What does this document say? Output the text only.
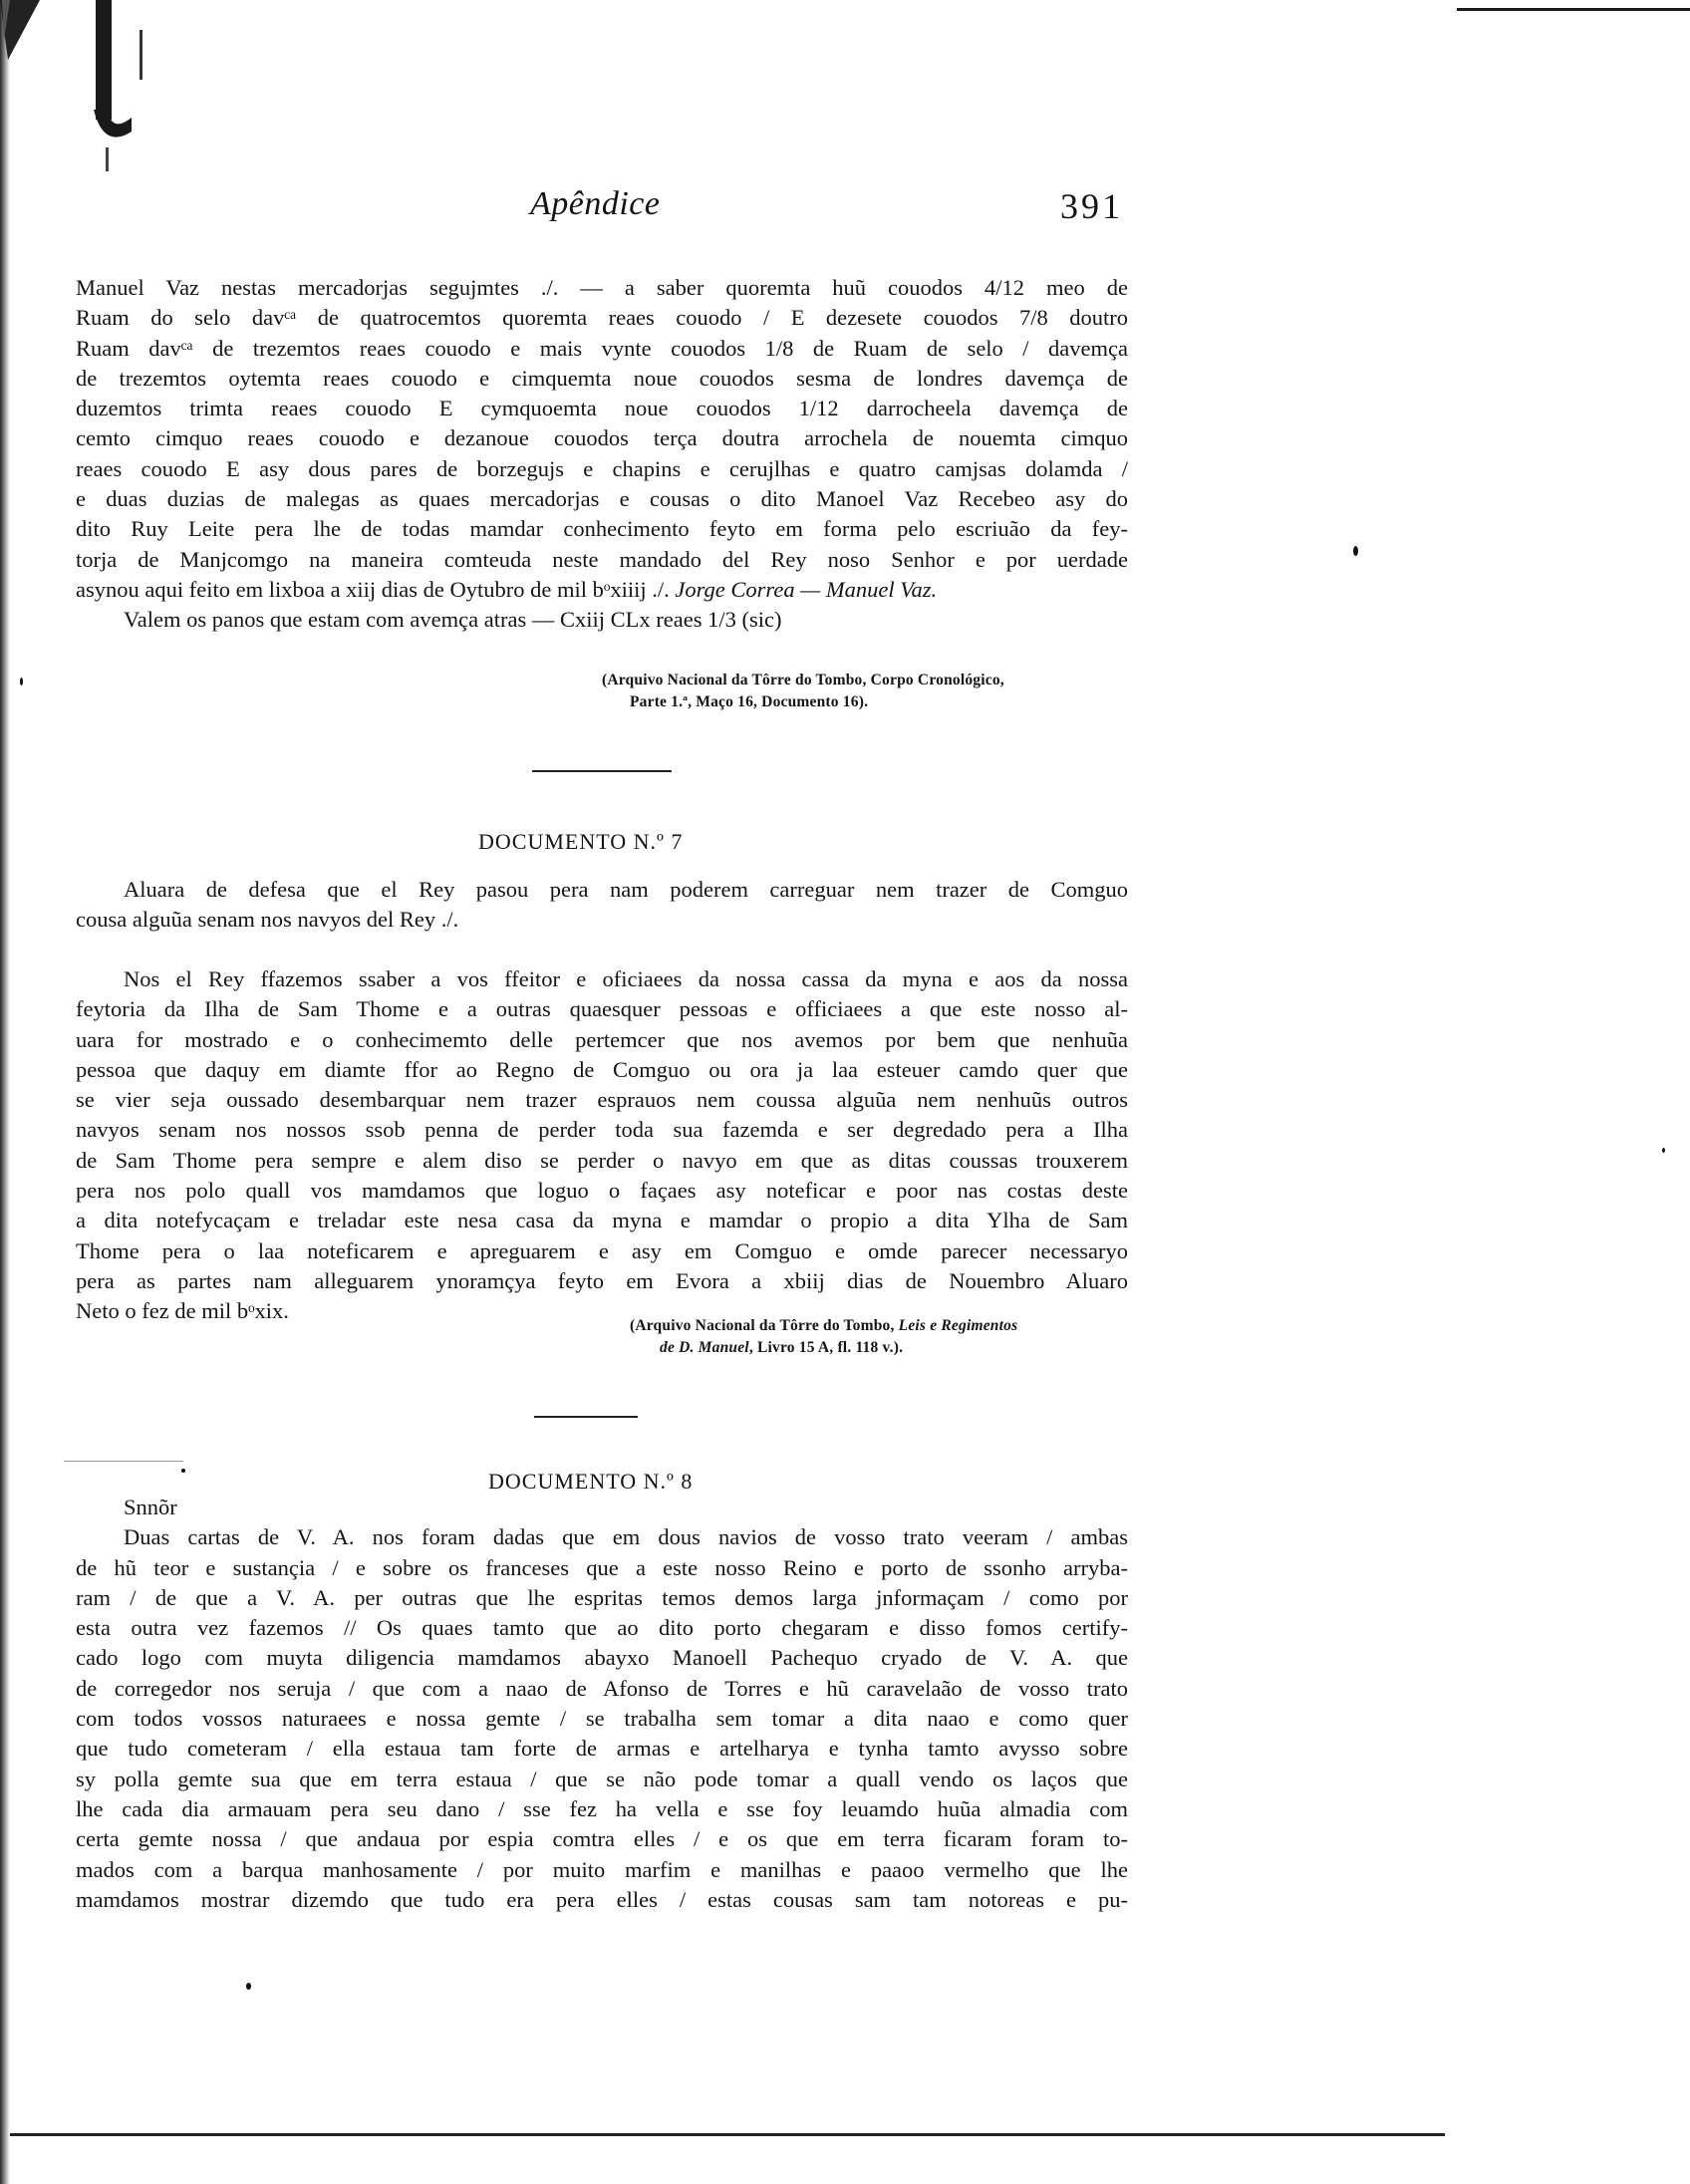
Apêndice	391
Manuel Vaz nestas mercadorjas segujmtes ./. — a saber quoremta huũ couodos 4/12 meo de
Ruam do selo davᶜᵃ de quatrocemtos quoremta reaes couodo / E dezesete couodos 7/8 doutro
Ruam davᶜᵃ de trezemtos reaes couodo e mais vynte couodos 1/8 de Ruam de selo / davemça
de trezemtos oytemta reaes couodo e cimquemta noue couodos sesma de londres davemça de
duzemtos trimta reaes couodo E cymquoemta noue couodos 1/12 darrocheela davemça de
cemto cimquo reaes couodo e dezanoue couodos terça doutra arrochela de nouemta cimquo
reaes couodo E asy dous pares de borzegujs e chapins e cerujlhas e quatro camjsas dolamda /
e duas duzias de malegas as quaes mercadorjas e cousas o dito Manoel Vaz Recebeo asy do
dito Ruy Leite pera lhe de todas mamdar conhecimento feyto em forma pelo escriuão da fey-
torja de Manjcomgo na maneira comteuda neste mandado del Rey noso Senhor e por uerdade
asynou aqui feito em lixboa a xiij dias de Oytubro de mil bᵒxiiij ./. Jorge Correa — Manuel Vaz.
Valem os panos que estam com avemça atras — Cxiij CLx reaes 1/3 (sic)
(Arquivo Nacional da Tôrre do Tombo, Corpo Cronológico,
Parte 1.ª, Maço 16, Documento 16).
DOCUMENTO N.º 7
Aluara de defesa que el Rey pasou pera nam poderem carreguar nem trazer de Comguo
cousa alguũa senam nos navyos del Rey ./.
Nos el Rey ffazemos ssaber a vos ffeitor e oficiaees da nossa cassa da myna e aos da nossa
feytoria da Ilha de Sam Thome e a outras quaesquer pessoas e officiaees a que este nosso al-
uara for mostrado e o conhecimemto delle pertemcer que nos avemos por bem que nenhuũa
pessoa que daquy em diamte ffor ao Regno de Comguo ou ora ja laa esteuer camdo quer que
se vier seja oussado desembarquar nem trazer esprauos nem coussa alguũa nem nenhuũs outros
navyos senam nos nossos ssob penna de perder toda sua fazemda e ser degredado pera a Ilha
de Sam Thome pera sempre e alem diso se perder o navyo em que as ditas coussas trouxerem
pera nos polo quall vos mamdamos que loguo o façaes asy noteficar e poor nas costas deste
a dita notefycaçam e treladar este nesa casa da myna e mamdar o propio a dita Ylha de Sam
Thome pera o laa noteficarem e apreguarem e asy em Comguo e omde parecer necessaryo
pera as partes nam alleguarem ynoramçya feyto em Evora a xbiij dias de Nouembro Aluaro
Neto o fez de mil bᵒxix.
(Arquivo Nacional da Tôrre do Tombo, Leis e Regimentos
de D. Manuel, Livro 15 A, fl. 118 v.).
DOCUMENTO N.º 8
Snnõr
Duas cartas de V. A. nos foram dadas que em dous navios de vosso trato veeram / ambas
de hũ teor e sustançia / e sobre os franceses que a este nosso Reino e porto de ssonho arryba-
ram / de que a V. A. per outras que lhe espritas temos demos larga jnformaçam / como por
esta outra vez fazemos // Os quaes tamto que ao dito porto chegaram e disso fomos certify-
cado logo com muyta diligencia mamdamos abayxo Manoell Pachequo cryado de V. A. que
de corregedor nos seruja / que com a naao de Afonso de Torres e hũ caravelaão de vosso trato
com todos vossos naturaees e nossa gemte / se trabalha sem tomar a dita naao e como quer
que tudo cometeram / ella estaua tam forte de armas e artelharya e tynha tamto avysso sobre
sy polla gemte sua que em terra estaua / que se não pode tomar a quall vendo os laços que
lhe cada dia armauam pera seu dano / sse fez ha vella e sse foy leuamdo huũa almadia com
certa gemte nossa / que andaua por espia comtra elles / e os que em terra ficaram foram to-
mados com a barqua manhosamente / por muito marfim e manilhas e paaoo vermelho que lhe
mamdamos mostrar dizemdo que tudo era pera elles / estas cousas sam tam notoreas e pu-
